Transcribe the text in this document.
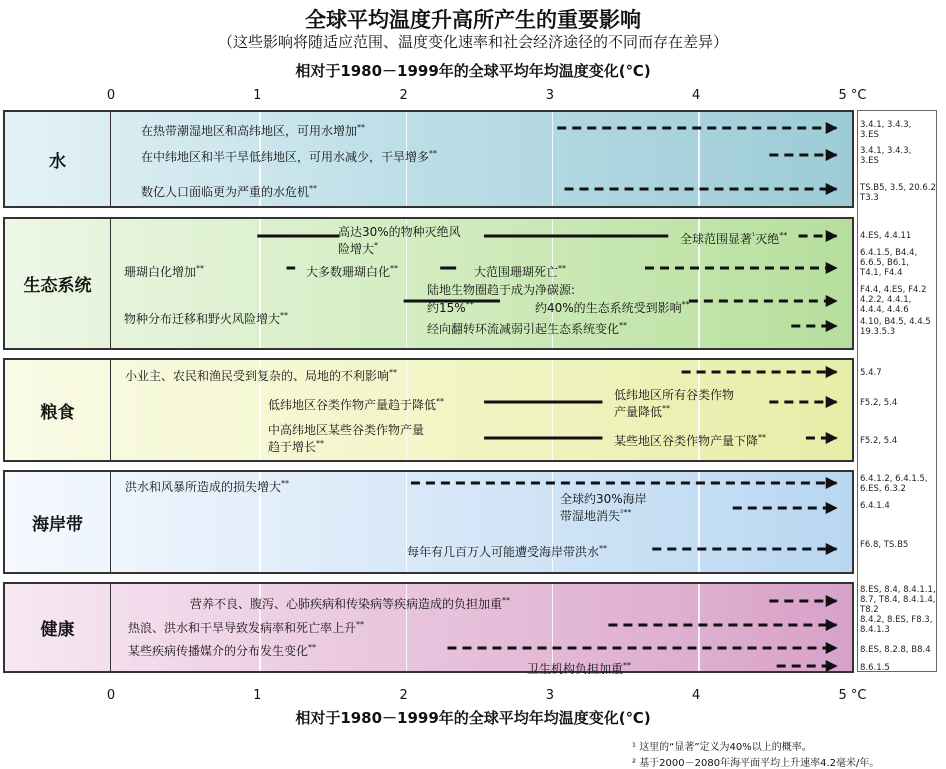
全球平均温度升高所产生的重要影响
（这些影响将随适应范围、温度变化速率和社会经济途径的不同而存在差异）
相对于1980－1999年的全球平均年均温度变化(℃)
0	1	2	3	4	5 °C
0	1	2	3	4	5 °C
相对于1980－1999年的全球平均年均温度变化(℃)
水
生态系统
粮食
海岸带
健康
在热带潮湿地区和高纬地区，可用水增加**
在中纬地区和半干旱低纬地区，可用水减少，干旱增多**
数亿人口面临更为严重的水危机**
高达30%的物种灭绝风
险增大*	全球范围显著$^{^1}$灭绝**
珊瑚白化增加**	大多数珊瑚白化**	大范围珊瑚死亡**
陆地生物圈趋于成为净碳源:
约15%**	约40%的生态系统受到影响**
物种分布迁移和野火风险增大**
经向翻转环流减弱引起生态系统变化**
小业主、农民和渔民受到复杂的、局地的不利影响**
低纬地区谷类作物产量趋于降低**	低纬地区所有谷类作物
产量降低**
中高纬地区某些谷类作物产量
趋于增长**	某些地区谷类作物产量下降**
洪水和风暴所造成的损失增大**
全球约30%海岸
带湿地消失$^{^2**}$
每年有几百万人可能遭受海岸带洪水**
营养不良、腹泻、心肺疾病和传染病等疾病造成的负担加重**
热浪、洪水和干旱导致发病率和死亡率上升**
某些疾病传播媒介的分布发生变化**
卫生机构负担加重**
3.4.1, 3.4.3,
3.ES
3.4.1, 3.4.3,
3.ES
TS.B5, 3.5, 20.6.2
T3.3
4.ES, 4.4.11
6.4.1.5, B4.4,
6.6.5, B6.1,
T4.1, F4.4
F4.4, 4.ES, F4.2
4.2.2, 4.4.1,
4.4.4, 4.4.6
4.10, B4.5, 4.4.5
19.3.5.3
5.4.7
F5.2, 5.4
F5.2, 5.4
6.4.1.2, 6.4.1.5,
6.ES, 6.3.2
6.4.1.4
F6.8, TS.B5
8.ES, 8.4, 8.4.1.1,
8.7, T8.4, 8.4.1.4,
T8.2
8.4.2, 8.ES, F8.3,
8.4.1.3
8.ES, 8.2.8, B8.4
8.6.1.5
¹ 这里的“显著”定义为40%以上的概率。
² 基于2000－2080年海平面平均上升速率4.2毫米/年。
